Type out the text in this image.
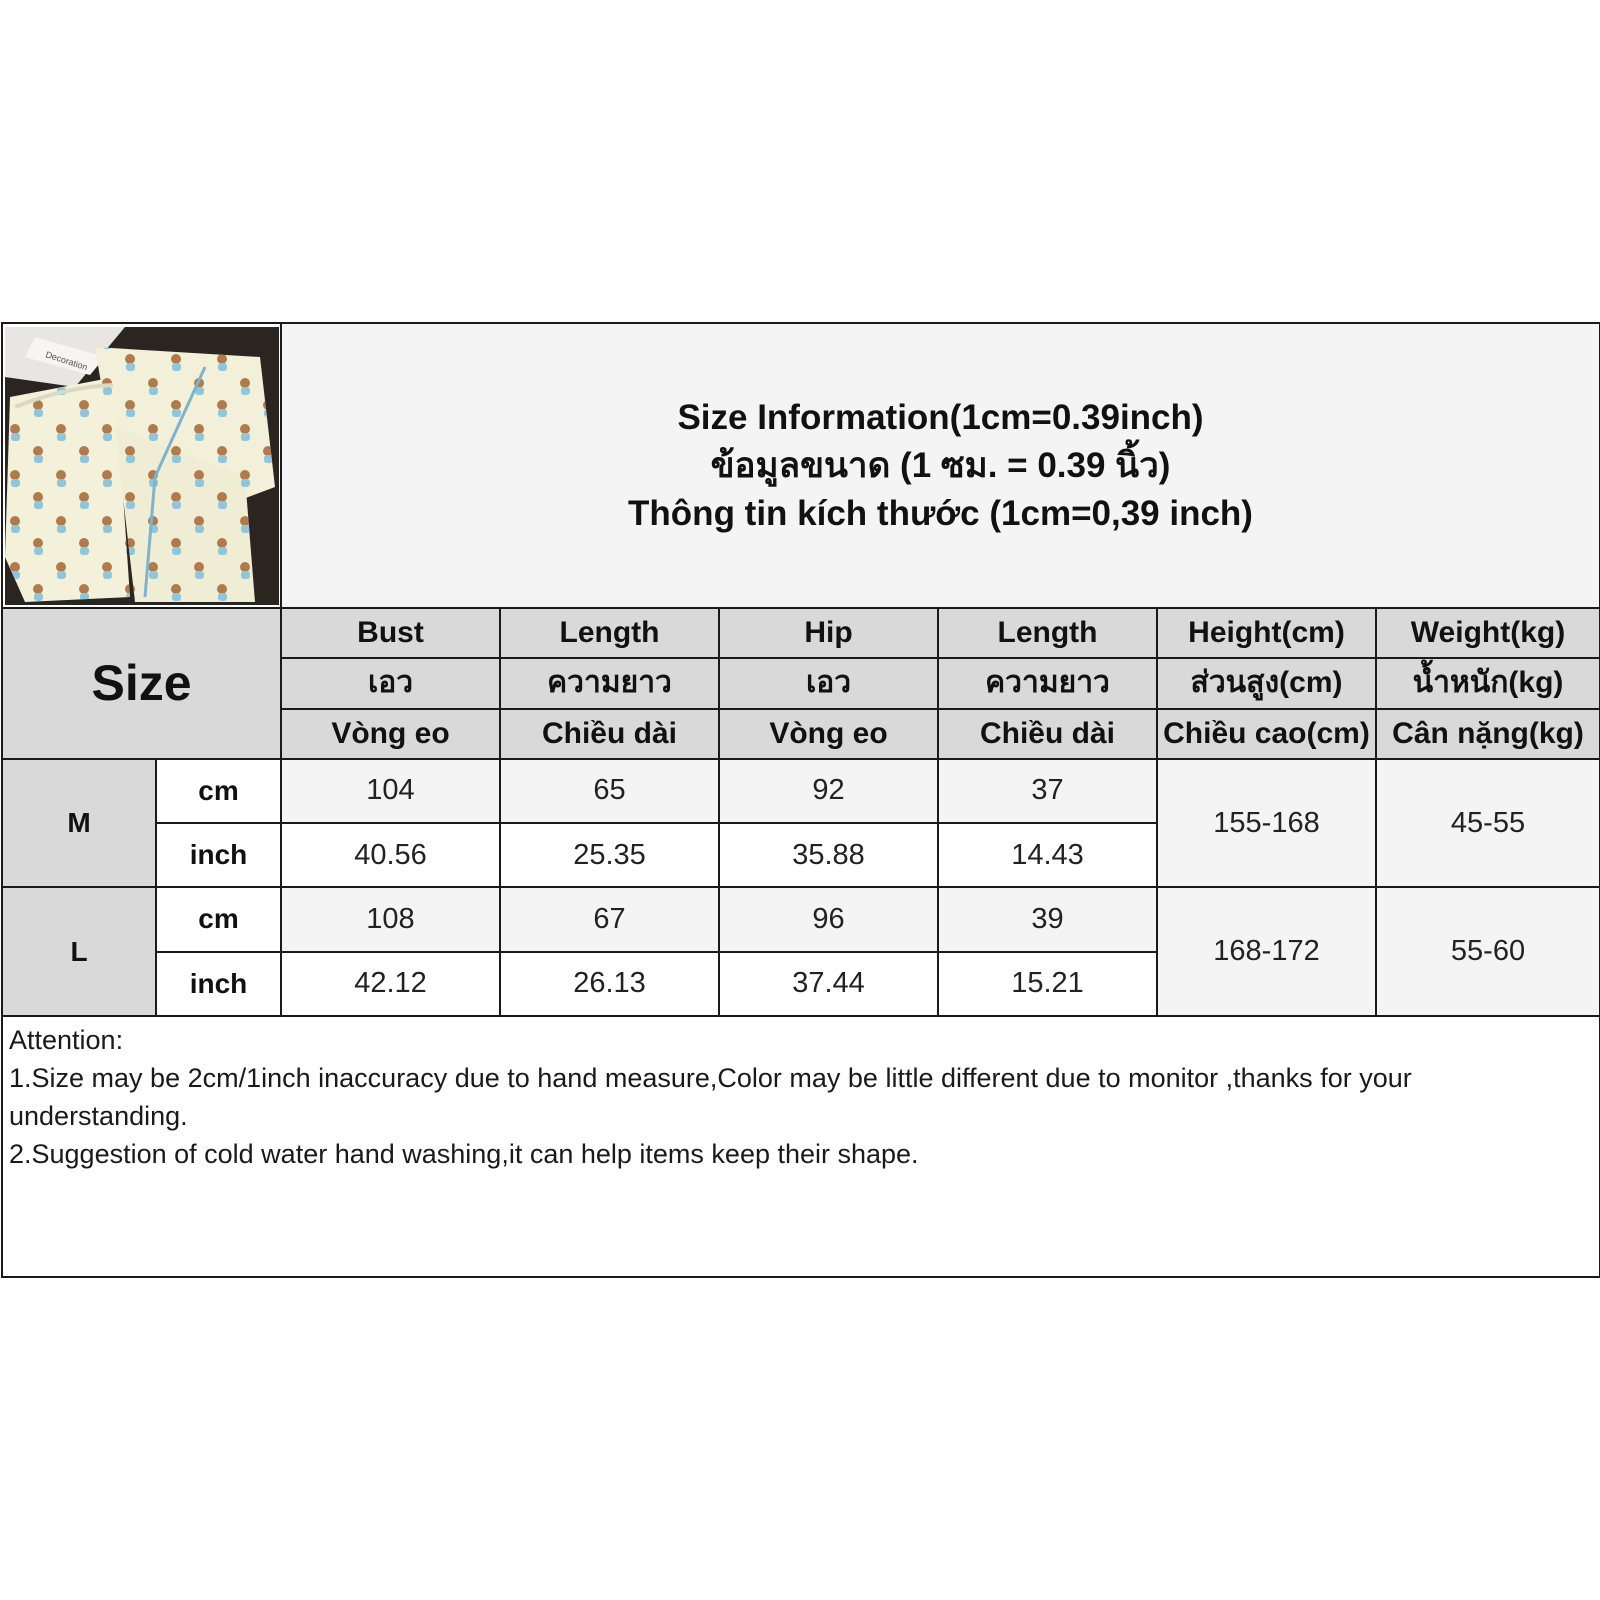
Decoration		Size Information(1cm=0.39inch)
ข้อมูลขนาด (1 ซม. = 0.39 นิ้ว)
Thông tin kích thước (1cm=0,39 inch)					

Size		Bust	Length	Hip	Length	Height(cm)	Weight(kg)
		เอว	ความยาว	เอว	ความยาว	ส่วนสูง(cm)	น้ำหนัก(kg)
		Vòng eo	Chiều dài	Vòng eo	Chiều dài	Chiều cao(cm)	Cân nặng(kg)
M	cm	104	65	92	37	155-168	45-55
	inch	40.56	25.35	35.88	14.43		
L	cm	108	67	96	39	168-172	55-60
	inch	42.12	26.13	37.44	15.21		

Attention:
1.Size may be 2cm/1inch inaccuracy due to hand measure,Color may be little different due to monitor ,thanks for your
understanding.
2.Suggestion of cold water hand washing,it can help items keep their shape.							
